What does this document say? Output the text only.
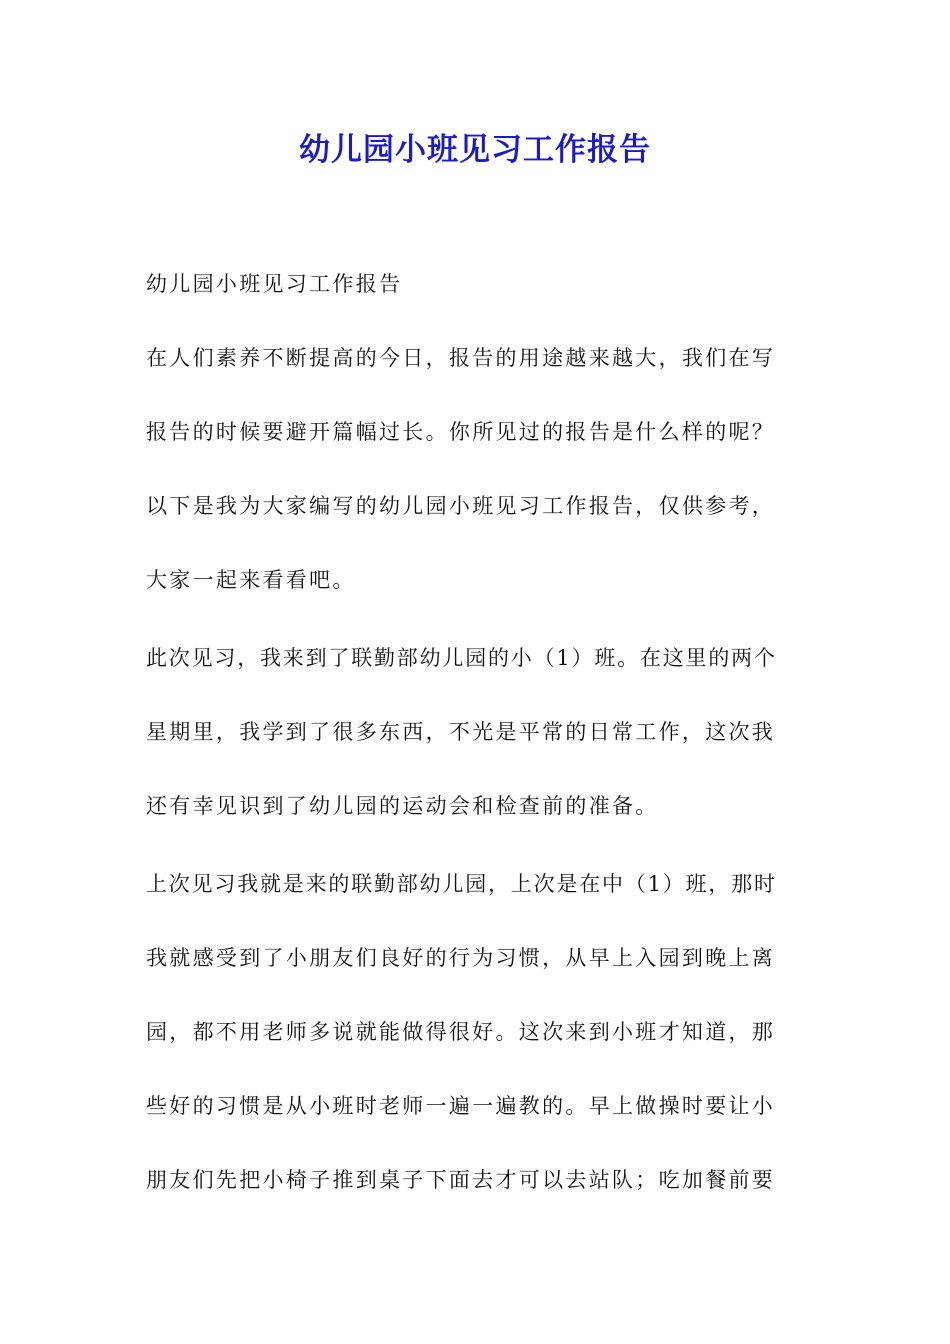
幼儿园小班见习工作报告
幼儿园小班见习工作报告
在人们素养不断提高的今日，报告的用途越来越大，我们在写
报告的时候要避开篇幅过长。你所见过的报告是什么样的呢？
以下是我为大家编写的幼儿园小班见习工作报告，仅供参考，
大家一起来看看吧。
此次见习，我来到了联勤部幼儿园的小（1）班。在这里的两个
星期里，我学到了很多东西，不光是平常的日常工作，这次我
还有幸见识到了幼儿园的运动会和检查前的准备。
上次见习我就是来的联勤部幼儿园，上次是在中（1）班，那时
我就感受到了小朋友们良好的行为习惯，从早上入园到晚上离
园，都不用老师多说就能做得很好。这次来到小班才知道，那
些好的习惯是从小班时老师一遍一遍教的。早上做操时要让小
朋友们先把小椅子推到桌子下面去才可以去站队；吃加餐前要
